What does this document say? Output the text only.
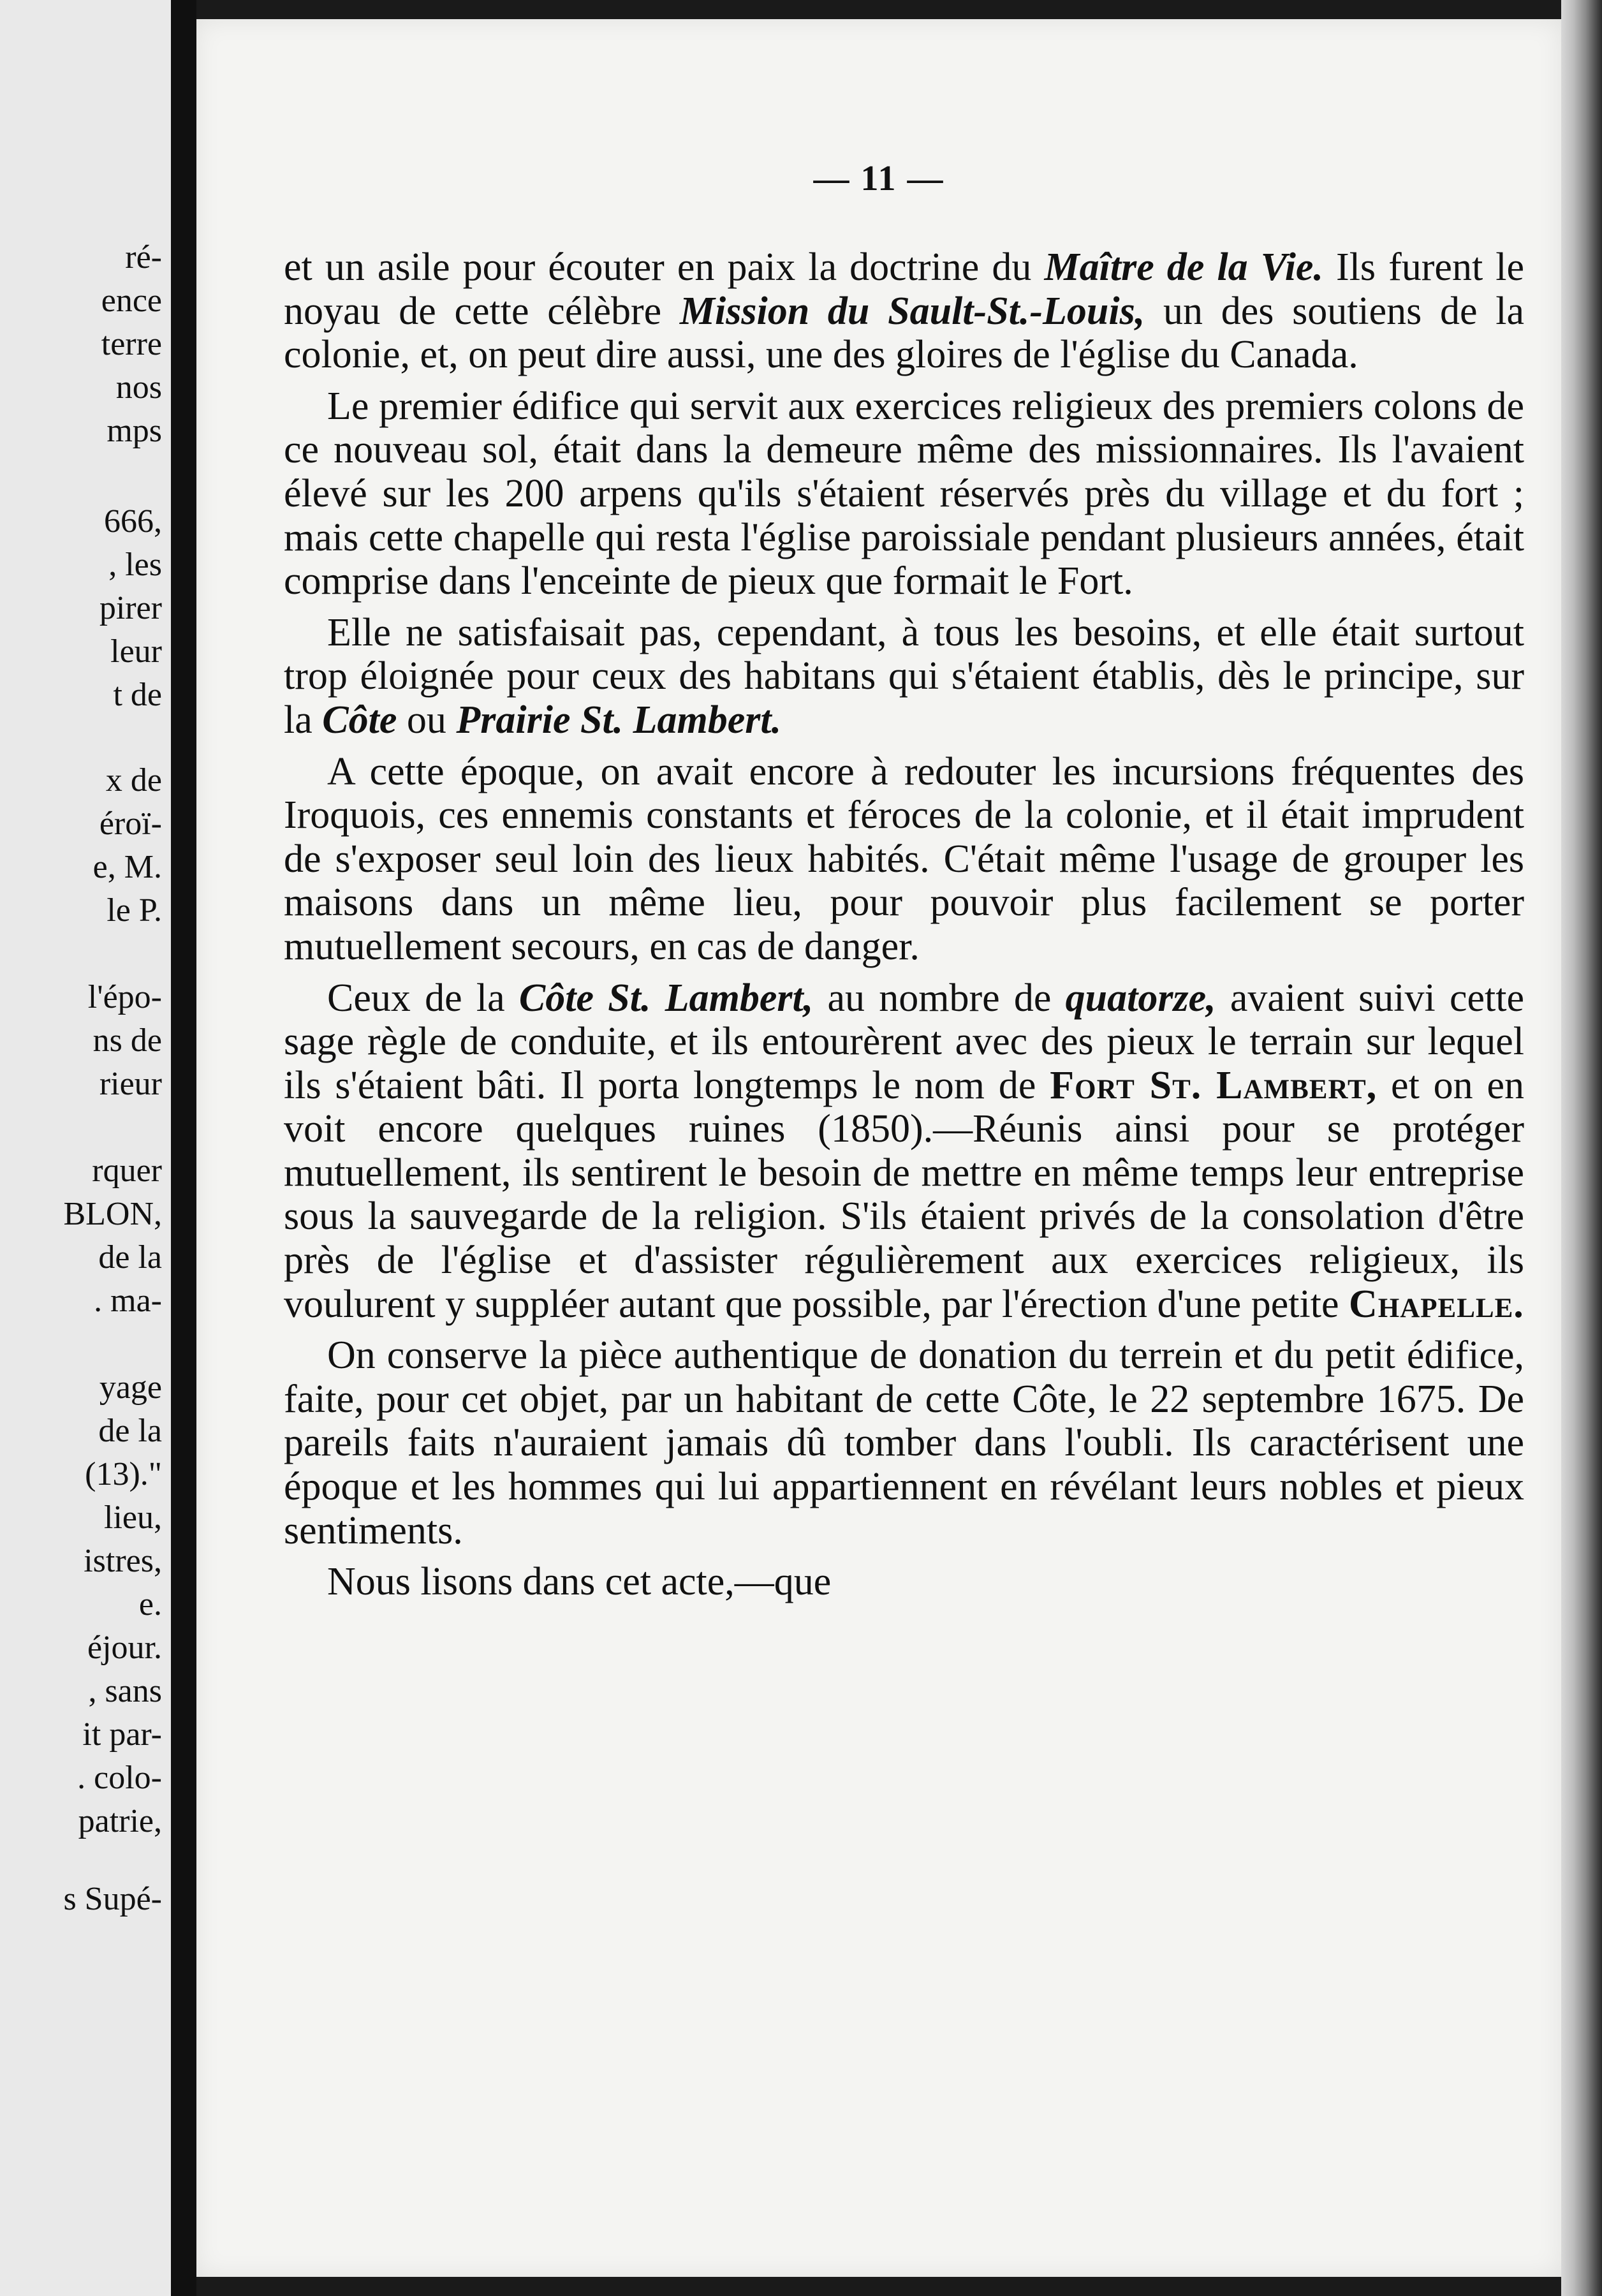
ré-
ence
terre
nos
mps
666,
, les
pirer
leur
t de
x de
éroï-
e, M.
le P.
l'épo-
ns de
rieur
rquer
BLON,
de la
. ma-
yage
de la
(13)."
lieu,
istres,
e.
éjour.
, sans
it par-
. colo-
patrie,
s Supé-
— 11 —

et un asile pour écouter en paix la doctrine du Maître de la Vie. Ils furent le noyau de cette célèbre Mission du Sault-St.-Louis, un des soutiens de la colonie, et, on peut dire aussi, une des gloires de l'église du Canada.

Le premier édifice qui servit aux exercices religieux des premiers colons de ce nouveau sol, était dans la demeure même des missionnaires. Ils l'avaient élevé sur les 200 arpens qu'ils s'étaient réservés près du village et du fort ; mais cette chapelle qui resta l'église paroissiale pendant plusieurs années, était comprise dans l'enceinte de pieux que formait le Fort.

Elle ne satisfaisait pas, cependant, à tous les besoins, et elle était surtout trop éloignée pour ceux des habitans qui s'étaient établis, dès le principe, sur la Côte ou Prairie St. Lambert.

A cette époque, on avait encore à redouter les incursions fréquentes des Iroquois, ces ennemis constants et féroces de la colonie, et il était imprudent de s'exposer seul loin des lieux habités. C'était même l'usage de grouper les maisons dans un même lieu, pour pouvoir plus facilement se porter mutuellement secours, en cas de danger.

Ceux de la Côte St. Lambert, au nombre de quatorze, avaient suivi cette sage règle de conduite, et ils entourèrent avec des pieux le terrain sur lequel ils s'étaient bâti. Il porta longtemps le nom de Fort St. Lambert, et on en voit encore quelques ruines (1850).—Réunis ainsi pour se protéger mutuellement, ils sentirent le besoin de mettre en même temps leur entreprise sous la sauvegarde de la religion. S'ils étaient privés de la consolation d'être près de l'église et d'assister régulièrement aux exercices religieux, ils voulurent y suppléer autant que possible, par l'érection d'une petite Chapelle.

On conserve la pièce authentique de donation du terrein et du petit édifice, faite, pour cet objet, par un habitant de cette Côte, le 22 septembre 1675. De pareils faits n'auraient jamais dû tomber dans l'oubli. Ils caractérisent une époque et les hommes qui lui appartiennent en révélant leurs nobles et pieux sentiments.

Nous lisons dans cet acte,—que
